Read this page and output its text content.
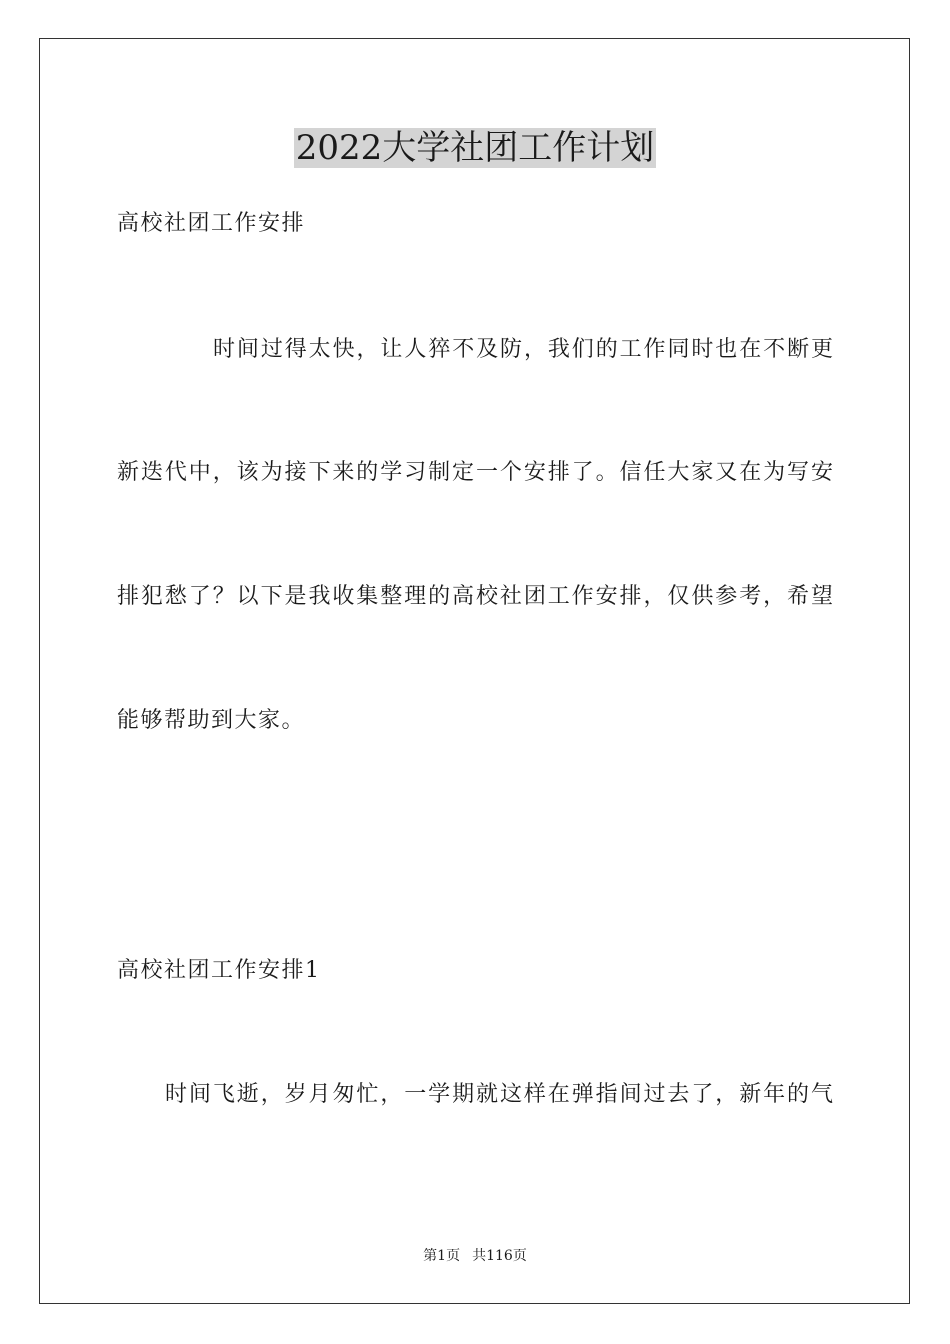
2022大学社团工作计划
高校社团工作安排
时间过得太快，让人猝不及防，我们的工作同时也在不断更
新迭代中，该为接下来的学习制定一个安排了。信任大家又在为写安
排犯愁了？以下是我收集整理的高校社团工作安排，仅供参考，希望
能够帮助到大家。
高校社团工作安排1
时间飞逝，岁月匆忙，一学期就这样在弹指间过去了，新年的气
第1页 共116页
